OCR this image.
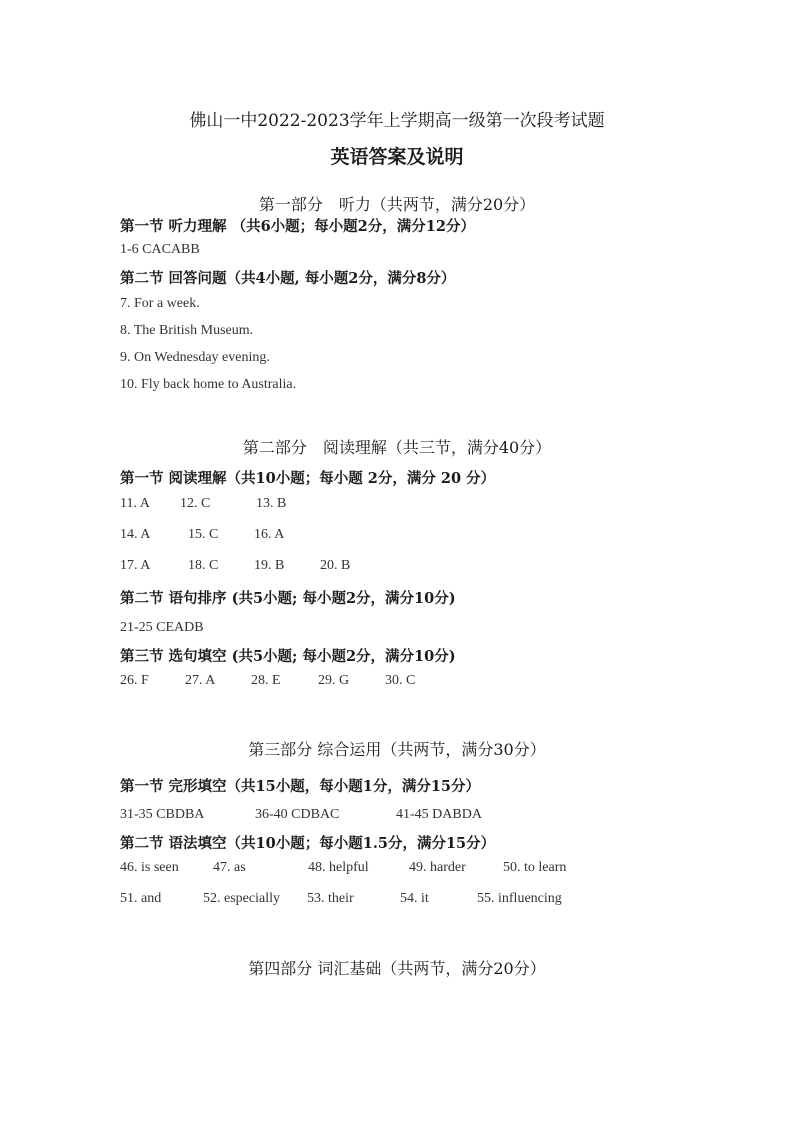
佛山一中2022-2023学年上学期高一级第一次段考试题
英语答案及说明
第一部分　听力（共两节，满分20分）
第一节 听力理解 （共6小题；每小题2分，满分12分）
1-6 CACABB
第二节 回答问题（共4小题, 每小题2分，满分8分）
7. For a week.
8. The British Museum.
9. On Wednesday evening.
10. Fly back home to Australia.
第二部分　阅读理解（共三节，满分40分）
第一节 阅读理解（共10小题；每小题 2分，满分 20 分）
11. A 12. C	13. B
14. A	15. C	16. A
17. A	18. C	19. B	20. B
第二节 语句排序 (共5小题; 每小题2分，满分10分)
21-25 CEADB
第三节 选句填空 (共5小题; 每小题2分，满分10分)
26. F	27. A	28. E	29. G	30. C
第三部分 综合运用（共两节，满分30分）
第一节 完形填空（共15小题，每小题1分，满分15分）
31-35 CBDBA	36-40 CDBAC	41-45 DABDA
第二节 语法填空（共10小题；每小题1.5分，满分15分）
46. is seen 47. as	48. helpful	49. harder	50. to learn
51. and	52. especially 53. their	54. it	55. influencing
第四部分 词汇基础（共两节，满分20分）
